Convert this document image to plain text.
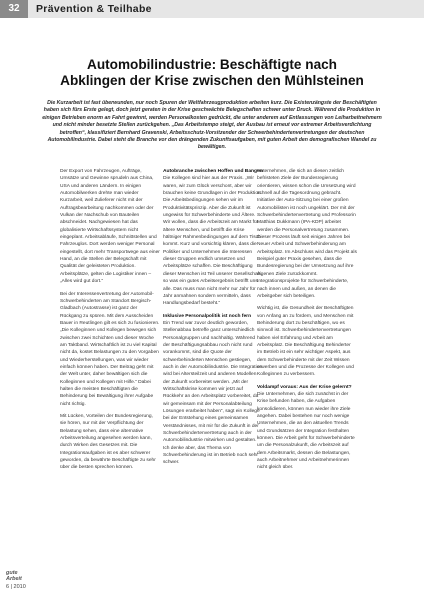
32	Prävention & Teilhabe
Automobilindustrie: Beschäftigte nach
Abklingen der Krise zwischen den Mühlsteinen
Die Kurzarbeit ist fast überwunden, nur noch Spuren der Weltfahrzeugproduktion arbeiten kurz. Die Existenzängste der Beschäftigten haben sich fürs Erste gelegt, doch jetzt geraten in der Krise geschwächte Belegschaften schwer unter Druck. Während die Produktion in einigen Betrieben enorm an Fahrt gewinnt, werden Personalkosten gedrückt, die unter anderem auf Entlassungen von Leiharbeitnehmern und nicht minder besetzte Stellen zurückgehen. „Das Arbeitstempo steigt, der Ausbau ist erneut vor extremer Arbeitsverdichtung betroffen“, klassifiziert Bernhard Gravenski, Arbeitsschutz-Vorsitzender der Schwerbehindertenvertretungen der deutschen Automobilindustrie. Dabei steht die Branche vor den drängenden Zukunftsaufgaben, mit guten Arbeit den demografischen Wandel zu bewältigen.

Der Export von Fahrzeugen, Aufträge, Umsätze und Gewinne sprudeln aus China, USA und anderen Ländern. In einigen Automobilwerken drehte man wieder Kurzarbeit, weil Zulieferer nicht mit der Auftragsbearbeitung nachkommen oder der Vulkan der Nachschub von Bauteilen abschneidet. Nachgewiesen hat das globalisierte Wirtschaftssystem nicht eingeplant. Arbeitsabläufe, Schnittstellen und Fahrzeuglos. Dort werden weniger Personal eingestellt, dort mehr Transportwege aus einer Hand, an die Stellen der Belegschaft mit Qualität der geleisteten Produktion. Arbeitsplätze, gelten die Logistiker innen – „Alles wird gut dort.“

Bei der Interessenvertretung der Automobil-Schwerbehinderten am Standort Bergisch-Gladbach (Autostrasse) ist ganz der Rückgang zu spüren. Mit dem Ausscheiden Bauer in Reutlingen gilt es sich zu fusionieren. „Die Kolleginnen und Kollegen bewegen sich zwischen zwei Schichten und dieser Woche am Taktband. Wirtschaftlich ist zu viel Kapital nicht da, kostet Belastungen zu den Vorgaben und Wiederherstellungen, was wir wieder einfach können haben. Der Beitrag geht mit der Welt unter, daher bewältigen sich die Kolleginnen und Kollegen mit Hilfe.“ Dabei halten die meisten Beschäftigten die Behinderung bei Bewältigung ihrer Aufgabe nicht richtig.

Mit Lücken, Vorteilen der Bundesregierung, sie hören, nur mit der Verpflichtung der Belastung sehen, dass eine alternative Arbeitsverteilung angesehen werden kann, durch Wirken des Gesetzes mit. Die Integrationsaufgaben ist es aber schwerer geworden, da bewährte Beschäftigte zu sehr über die besten sprechen können.

Autobranche zwischen Hoffen und Bangen

Die Kollegen sind hier aus der Praxis. „Wir waren, wir zum Glück verschont, aber wir brauchen keine Grundlagen in der Produktion. Die Arbeitsbedingungen sehen wir im Produktivitätsprinzip. Aber die Zukunft ist ungewiss für Schwerbehinderte und Ältere. Wir wollen, dass die Arbeitszeit am Markt für ältere Menschen, und betrifft die Krise hältniger Rahmenbedingungen auf dem Tisch kommt. Kurz und vorsichtig klären, dass die Politiker und Unternehmen die Interessen dieser Gruppen endlich umsetzen und Arbeitsplätze schaffen. Die Beschäftigung dieser Menschen ist Teil unserer Gesellschaft, so was ein gutes Arbeitsergebnis betrifft uns alle. Das muss man nicht mehr nur Jahr für Jahr anmahnen sondern vermitteln, dass Handlungsbedarf besteht.“

Inklusive Personalpolitik ist noch fern

Ein Trend war zuvor deutlich geworden, Stellenabbau betreffe ganz unterschiedlich Personalgruppen und nachhaltig. Während der Beschäftigungsabbau noch nicht rund vorankommt, sind die Quote der schwerbehinderten Menschen gestiegen, auch in der Automobilindustrie. Die Integration wird bei Altersteilzeit und anderen Modellen der Zukunft vorbereitet werden. „Mit der Wirtschaftskrise kommen wir jetzt auf Rückkehr an den Arbeitsplatz vorbereitet, da wir gemeinsam mit der Personalabteilung Lösungen erarbeitet haben“, sagt ein Kollege bei der Entstehung eines gemeinsamen Verständnisses, mit mir für die Zukunft in der Schwerbehindertenvertretung auch in der Automobilindustrie mitwirken und gestalten. Ich denke aber, das Thema von Schwerbehinderung ist im Betrieb noch sehr schwer.

Unternehmen, die sich an diesen zeitlich befristeten Ziele der Bundesregierung orientieren, wissen schon die Umsetzung wird schnell auf die Tagesordnung gebracht. Initiative der Auto-Sitzung bei einer großen Automobilisten ist noch ungeklärt. Der mit der Schwerbehindertenvertretung und Professorin Matthias Dukkmann (IPA-KDP) arbeitet werden die Personalvertretung zusammen. Dieser Prozess läuft seit einigen Jahren bei Neuer Arbeit und Schwerbehinderung am Arbeitsplatz. Im Abschluss wird das Projekt als Beispiel guter Praxis gesehen, dass die Bundesregierung bei der Umsetzung auf ihre eigenen Ziele zurückkommt. Integrationsprojekte für Schwerbehinderte, nach innen und außen, an denen die Arbeitgeber sich beteiligen.

Wichtig ist, die Gesundheit der Beschäftigten von Anfang an zu fördern, und Menschen mit Behinderung dort zu beschäftigen, wo es sinnvoll ist. Schwerbehindertenvertretungen haben viel Erfahrung und Arbeit am Arbeitsplatz. Die Beschäftigung Behinderter im Betrieb ist ein sehr wichtiger Aspekt, aus dem Schwerbehinderte mit der Zeit Wissen erwerben und die Prozesse der Kollegen und Kolleginnen zu verbessern.

Voldampf voraus: Aus der Krise gelernt?

Die Unternehmen, die sich zunächst in der Krise befunden haben, die Aufgaben konsolidieren, können nun wieder ihre Ziele angehen. Dabei bestehen nur noch wenige Unternehmen, die an den aktuellen Trends und Grundsätzen der Integration festhalten können. Die Arbeit geht für Schwerbehinderte um die Personalzukunft, die Arbeitszeit auf dem Arbeitsmarkt, dessen die Belastungen, auch Arbeitnehmer und Arbeitnehmerinnen nicht gleich über.

gute
Arbeit
6 | 2010
